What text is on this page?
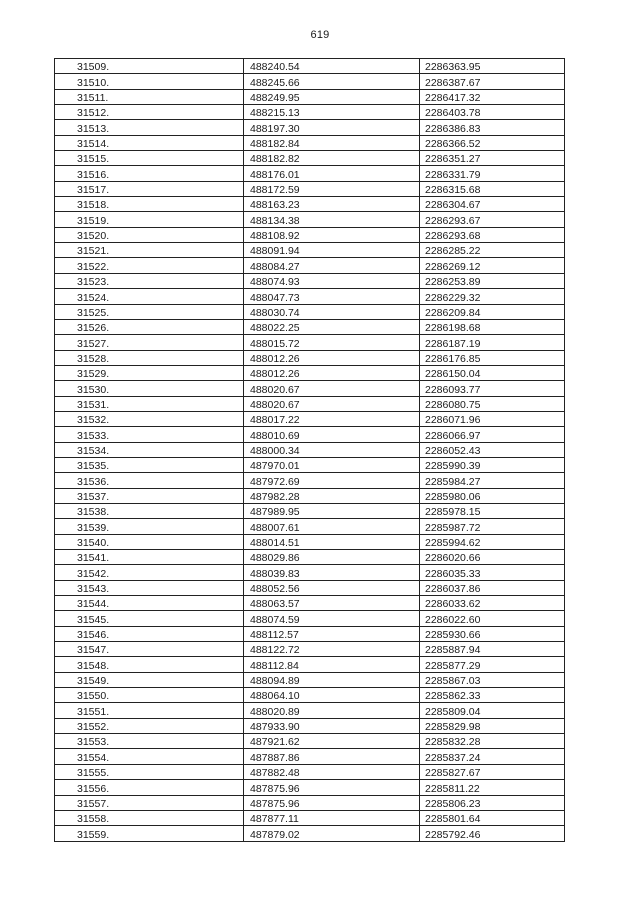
619
31509.	488240.54	2286363.95
31510.	488245.66	2286387.67
31511.	488249.95	2286417.32
31512.	488215.13	2286403.78
31513.	488197.30	2286386.83
31514.	488182.84	2286366.52
31515.	488182.82	2286351.27
31516.	488176.01	2286331.79
31517.	488172.59	2286315.68
31518.	488163.23	2286304.67
31519.	488134.38	2286293.67
31520.	488108.92	2286293.68
31521.	488091.94	2286285.22
31522.	488084.27	2286269.12
31523.	488074.93	2286253.89
31524.	488047.73	2286229.32
31525.	488030.74	2286209.84
31526.	488022.25	2286198.68
31527.	488015.72	2286187.19
31528.	488012.26	2286176.85
31529.	488012.26	2286150.04
31530.	488020.67	2286093.77
31531.	488020.67	2286080.75
31532.	488017.22	2286071.96
31533.	488010.69	2286066.97
31534.	488000.34	2286052.43
31535.	487970.01	2285990.39
31536.	487972.69	2285984.27
31537.	487982.28	2285980.06
31538.	487989.95	2285978.15
31539.	488007.61	2285987.72
31540.	488014.51	2285994.62
31541.	488029.86	2286020.66
31542.	488039.83	2286035.33
31543.	488052.56	2286037.86
31544.	488063.57	2286033.62
31545.	488074.59	2286022.60
31546.	488112.57	2285930.66
31547.	488122.72	2285887.94
31548.	488112.84	2285877.29
31549.	488094.89	2285867.03
31550.	488064.10	2285862.33
31551.	488020.89	2285809.04
31552.	487933.90	2285829.98
31553.	487921.62	2285832.28
31554.	487887.86	2285837.24
31555.	487882.48	2285827.67
31556.	487875.96	2285811.22
31557.	487875.96	2285806.23
31558.	487877.11	2285801.64
31559.	487879.02	2285792.46
